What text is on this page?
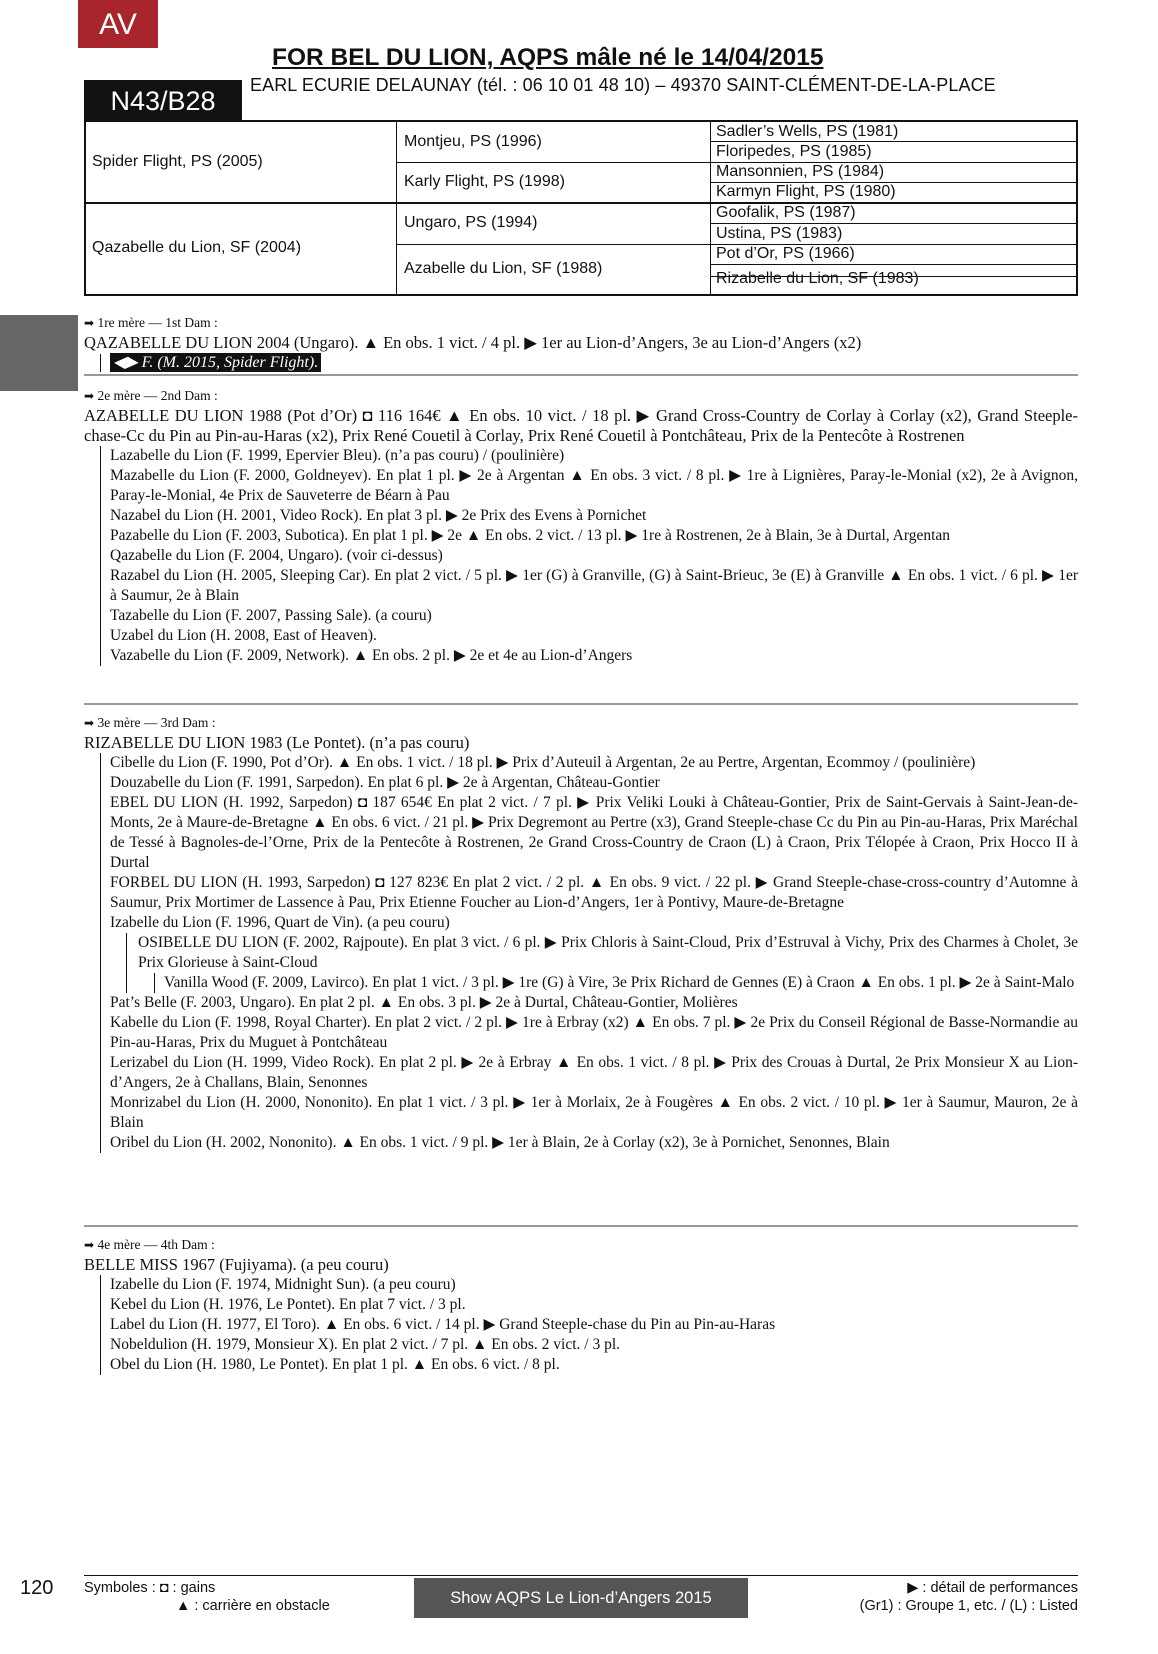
AV
FOR BEL DU LION, AQPS mâle né le 14/04/2015
N43/B28
EARL ECURIE DELAUNAY (tél. : 06 10 01 48 10) – 49370 SAINT-CLÉMENT-DE-LA-PLACE
Spider Flight, PS (2005)
Qazabelle du Lion, SF (2004)
Montjeu, PS (1996)
Karly Flight, PS (1998)
Ungaro, PS (1994)
Azabelle du Lion, SF (1988)
Sadler’s Wells, PS (1981)
Floripedes, PS (1985)
Mansonnien, PS (1984)
Karmyn Flight, PS (1980)
Goofalik, PS (1987)
Ustina, PS (1983)
Pot d’Or, PS (1966)
Rizabelle du Lion, SF (1983)
➡ 1re mère — 1st Dam :
QAZABELLE DU LION 2004 (Ungaro). ▲ En obs. 1 vict. / 4 pl. ▶ 1er au Lion-d’Angers, 3e au Lion-d’Angers (x2)
◀▶ F. (M. 2015, Spider Flight).
➡ 2e mère — 2nd Dam :
AZABELLE DU LION 1988 (Pot d’Or) ◘ 116 164€ ▲ En obs. 10 vict. / 18 pl. ▶ Grand Cross-Country de Corlay à Corlay (x2), Grand Steeple-chase-Cc du Pin au Pin-au-Haras (x2), Prix René Couetil à Corlay, Prix René Couetil à Pontchâteau, Prix de la Pentecôte à Rostrenen
Lazabelle du Lion (F. 1999, Epervier Bleu). (n’a pas couru) / (poulinière)
Mazabelle du Lion (F. 2000, Goldneyev). En plat 1 pl. ▶ 2e à Argentan ▲ En obs. 3 vict. / 8 pl. ▶ 1re à Lignières, Paray-le-Monial (x2), 2e à Avignon, Paray-le-Monial, 4e Prix de Sauveterre de Béarn à Pau
Nazabel du Lion (H. 2001, Video Rock). En plat 3 pl. ▶ 2e Prix des Evens à Pornichet
Pazabelle du Lion (F. 2003, Subotica). En plat 1 pl. ▶ 2e ▲ En obs. 2 vict. / 13 pl. ▶ 1re à Rostrenen, 2e à Blain, 3e à Durtal, Argentan
Qazabelle du Lion (F. 2004, Ungaro). (voir ci-dessus)
Razabel du Lion (H. 2005, Sleeping Car). En plat 2 vict. / 5 pl. ▶ 1er (G) à Granville, (G) à Saint-Brieuc, 3e (E) à Granville ▲ En obs. 1 vict. / 6 pl. ▶ 1er à Saumur, 2e à Blain
Tazabelle du Lion (F. 2007, Passing Sale). (a couru)
Uzabel du Lion (H. 2008, East of Heaven).
Vazabelle du Lion (F. 2009, Network). ▲ En obs. 2 pl. ▶ 2e et 4e au Lion-d’Angers
➡ 3e mère — 3rd Dam :
RIZABELLE DU LION 1983 (Le Pontet). (n’a pas couru)
Cibelle du Lion (F. 1990, Pot d’Or). ▲ En obs. 1 vict. / 18 pl. ▶ Prix d’Auteuil à Argentan, 2e au Pertre, Argentan, Ecommoy / (poulinière)
Douzabelle du Lion (F. 1991, Sarpedon). En plat 6 pl. ▶ 2e à Argentan, Château-Gontier
EBEL DU LION (H. 1992, Sarpedon) ◘ 187 654€ En plat 2 vict. / 7 pl. ▶ Prix Veliki Louki à Château-Gontier, Prix de Saint-Gervais à Saint-Jean-de-Monts, 2e à Maure-de-Bretagne ▲ En obs. 6 vict. / 21 pl. ▶ Prix Degremont au Pertre (x3), Grand Steeple-chase Cc du Pin au Pin-au-Haras, Prix Maréchal de Tessé à Bagnoles-de-l’Orne, Prix de la Pentecôte à Rostrenen, 2e Grand Cross-Country de Craon (L) à Craon, Prix Télopée à Craon, Prix Hocco II à Durtal
FORBEL DU LION (H. 1993, Sarpedon) ◘ 127 823€ En plat 2 vict. / 2 pl. ▲ En obs. 9 vict. / 22 pl. ▶ Grand Steeple-chase-cross-country d’Automne à Saumur, Prix Mortimer de Lassence à Pau, Prix Etienne Foucher au Lion-d’Angers, 1er à Pontivy, Maure-de-Bretagne
Izabelle du Lion (F. 1996, Quart de Vin). (a peu couru)
OSIBELLE DU LION (F. 2002, Rajpoute). En plat 3 vict. / 6 pl. ▶ Prix Chloris à Saint-Cloud, Prix d’Estruval à Vichy, Prix des Charmes à Cholet, 3e Prix Glorieuse à Saint-Cloud
Vanilla Wood (F. 2009, Lavirco). En plat 1 vict. / 3 pl. ▶ 1re (G) à Vire, 3e Prix Richard de Gennes (E) à Craon ▲ En obs. 1 pl. ▶ 2e à Saint-Malo
Pat’s Belle (F. 2003, Ungaro). En plat 2 pl. ▲ En obs. 3 pl. ▶ 2e à Durtal, Château-Gontier, Molières
Kabelle du Lion (F. 1998, Royal Charter). En plat 2 vict. / 2 pl. ▶ 1re à Erbray (x2) ▲ En obs. 7 pl. ▶ 2e Prix du Conseil Régional de Basse-Normandie au Pin-au-Haras, Prix du Muguet à Pontchâteau
Lerizabel du Lion (H. 1999, Video Rock). En plat 2 pl. ▶ 2e à Erbray ▲ En obs. 1 vict. / 8 pl. ▶ Prix des Crouas à Durtal, 2e Prix Monsieur X au Lion-d’Angers, 2e à Challans, Blain, Senonnes
Monrizabel du Lion (H. 2000, Nononito). En plat 1 vict. / 3 pl. ▶ 1er à Morlaix, 2e à Fougères ▲ En obs. 2 vict. / 10 pl. ▶ 1er à Saumur, Mauron, 2e à Blain
Oribel du Lion (H. 2002, Nononito). ▲ En obs. 1 vict. / 9 pl. ▶ 1er à Blain, 2e à Corlay (x2), 3e à Pornichet, Senonnes, Blain
➡ 4e mère — 4th Dam :
BELLE MISS 1967 (Fujiyama). (a peu couru)
Izabelle du Lion (F. 1974, Midnight Sun). (a peu couru)
Kebel du Lion (H. 1976, Le Pontet). En plat 7 vict. / 3 pl.
Label du Lion (H. 1977, El Toro). ▲ En obs. 6 vict. / 14 pl. ▶ Grand Steeple-chase du Pin au Pin-au-Haras
Nobeldulion (H. 1979, Monsieur X). En plat 2 vict. / 7 pl. ▲ En obs. 2 vict. / 3 pl.
Obel du Lion (H. 1980, Le Pontet). En plat 1 pl. ▲ En obs. 6 vict. / 8 pl.
120 Symboles : ◘ : gains
▲ : carrière en obstacle	Show AQPS Le Lion-d’Angers 2015
▶ : détail de performances
(Gr1) : Groupe 1, etc. / (L) : Listed
